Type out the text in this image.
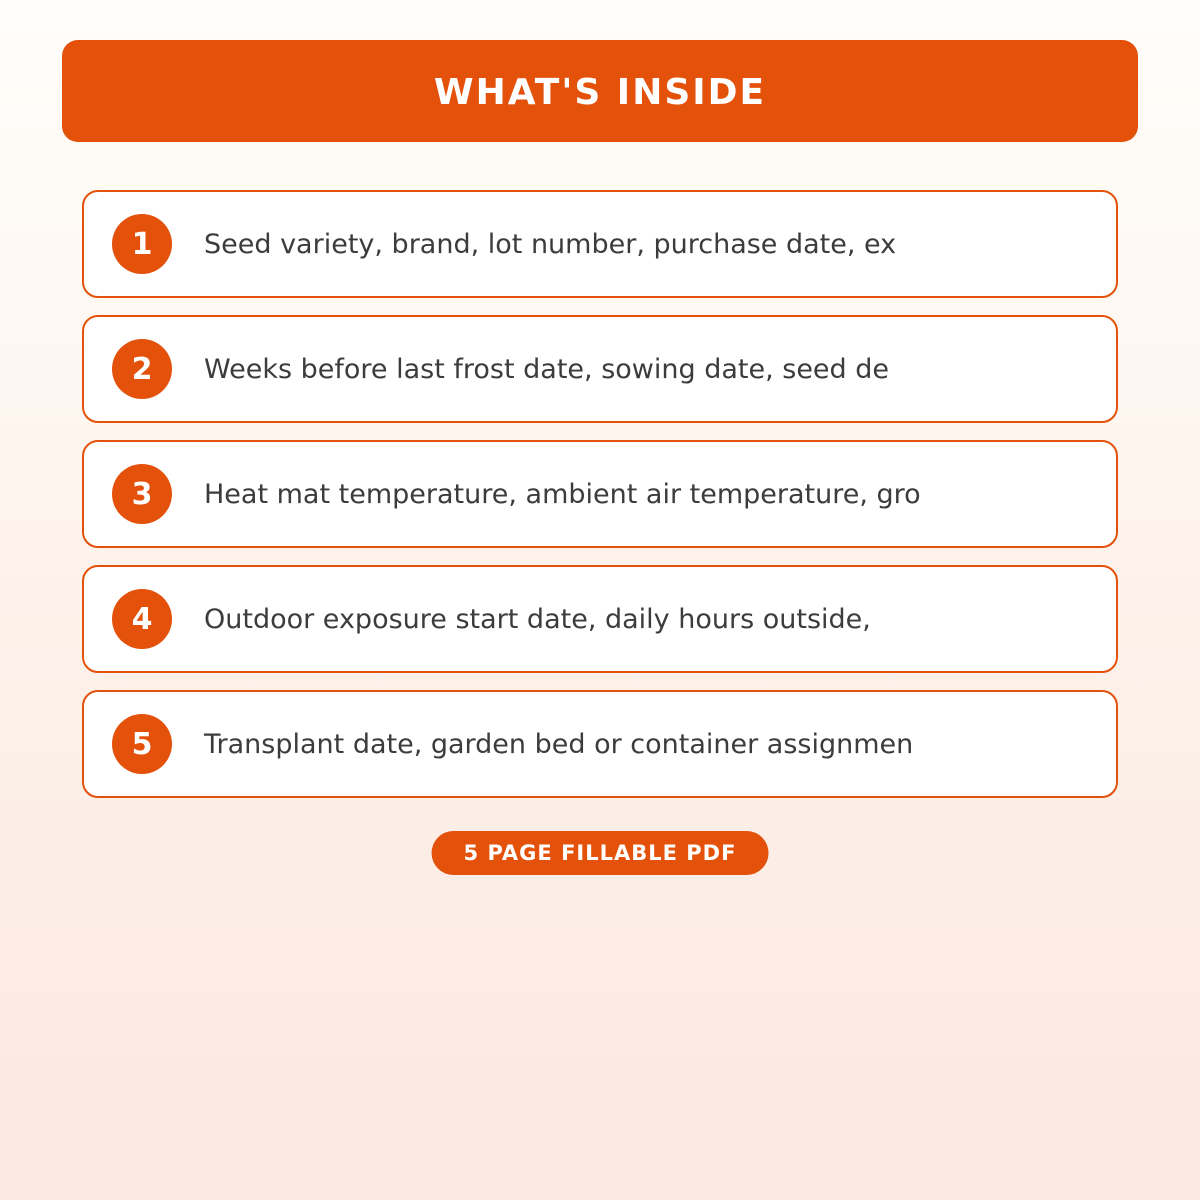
WHAT'S INSIDE
1	Seed variety, brand, lot number, purchase date, ex
2	Weeks before last frost date, sowing date, seed de
3	Heat mat temperature, ambient air temperature, gro
4	Outdoor exposure start date, daily hours outside,
5	Transplant date, garden bed or container assignmen
5 PAGE FILLABLE PDF
